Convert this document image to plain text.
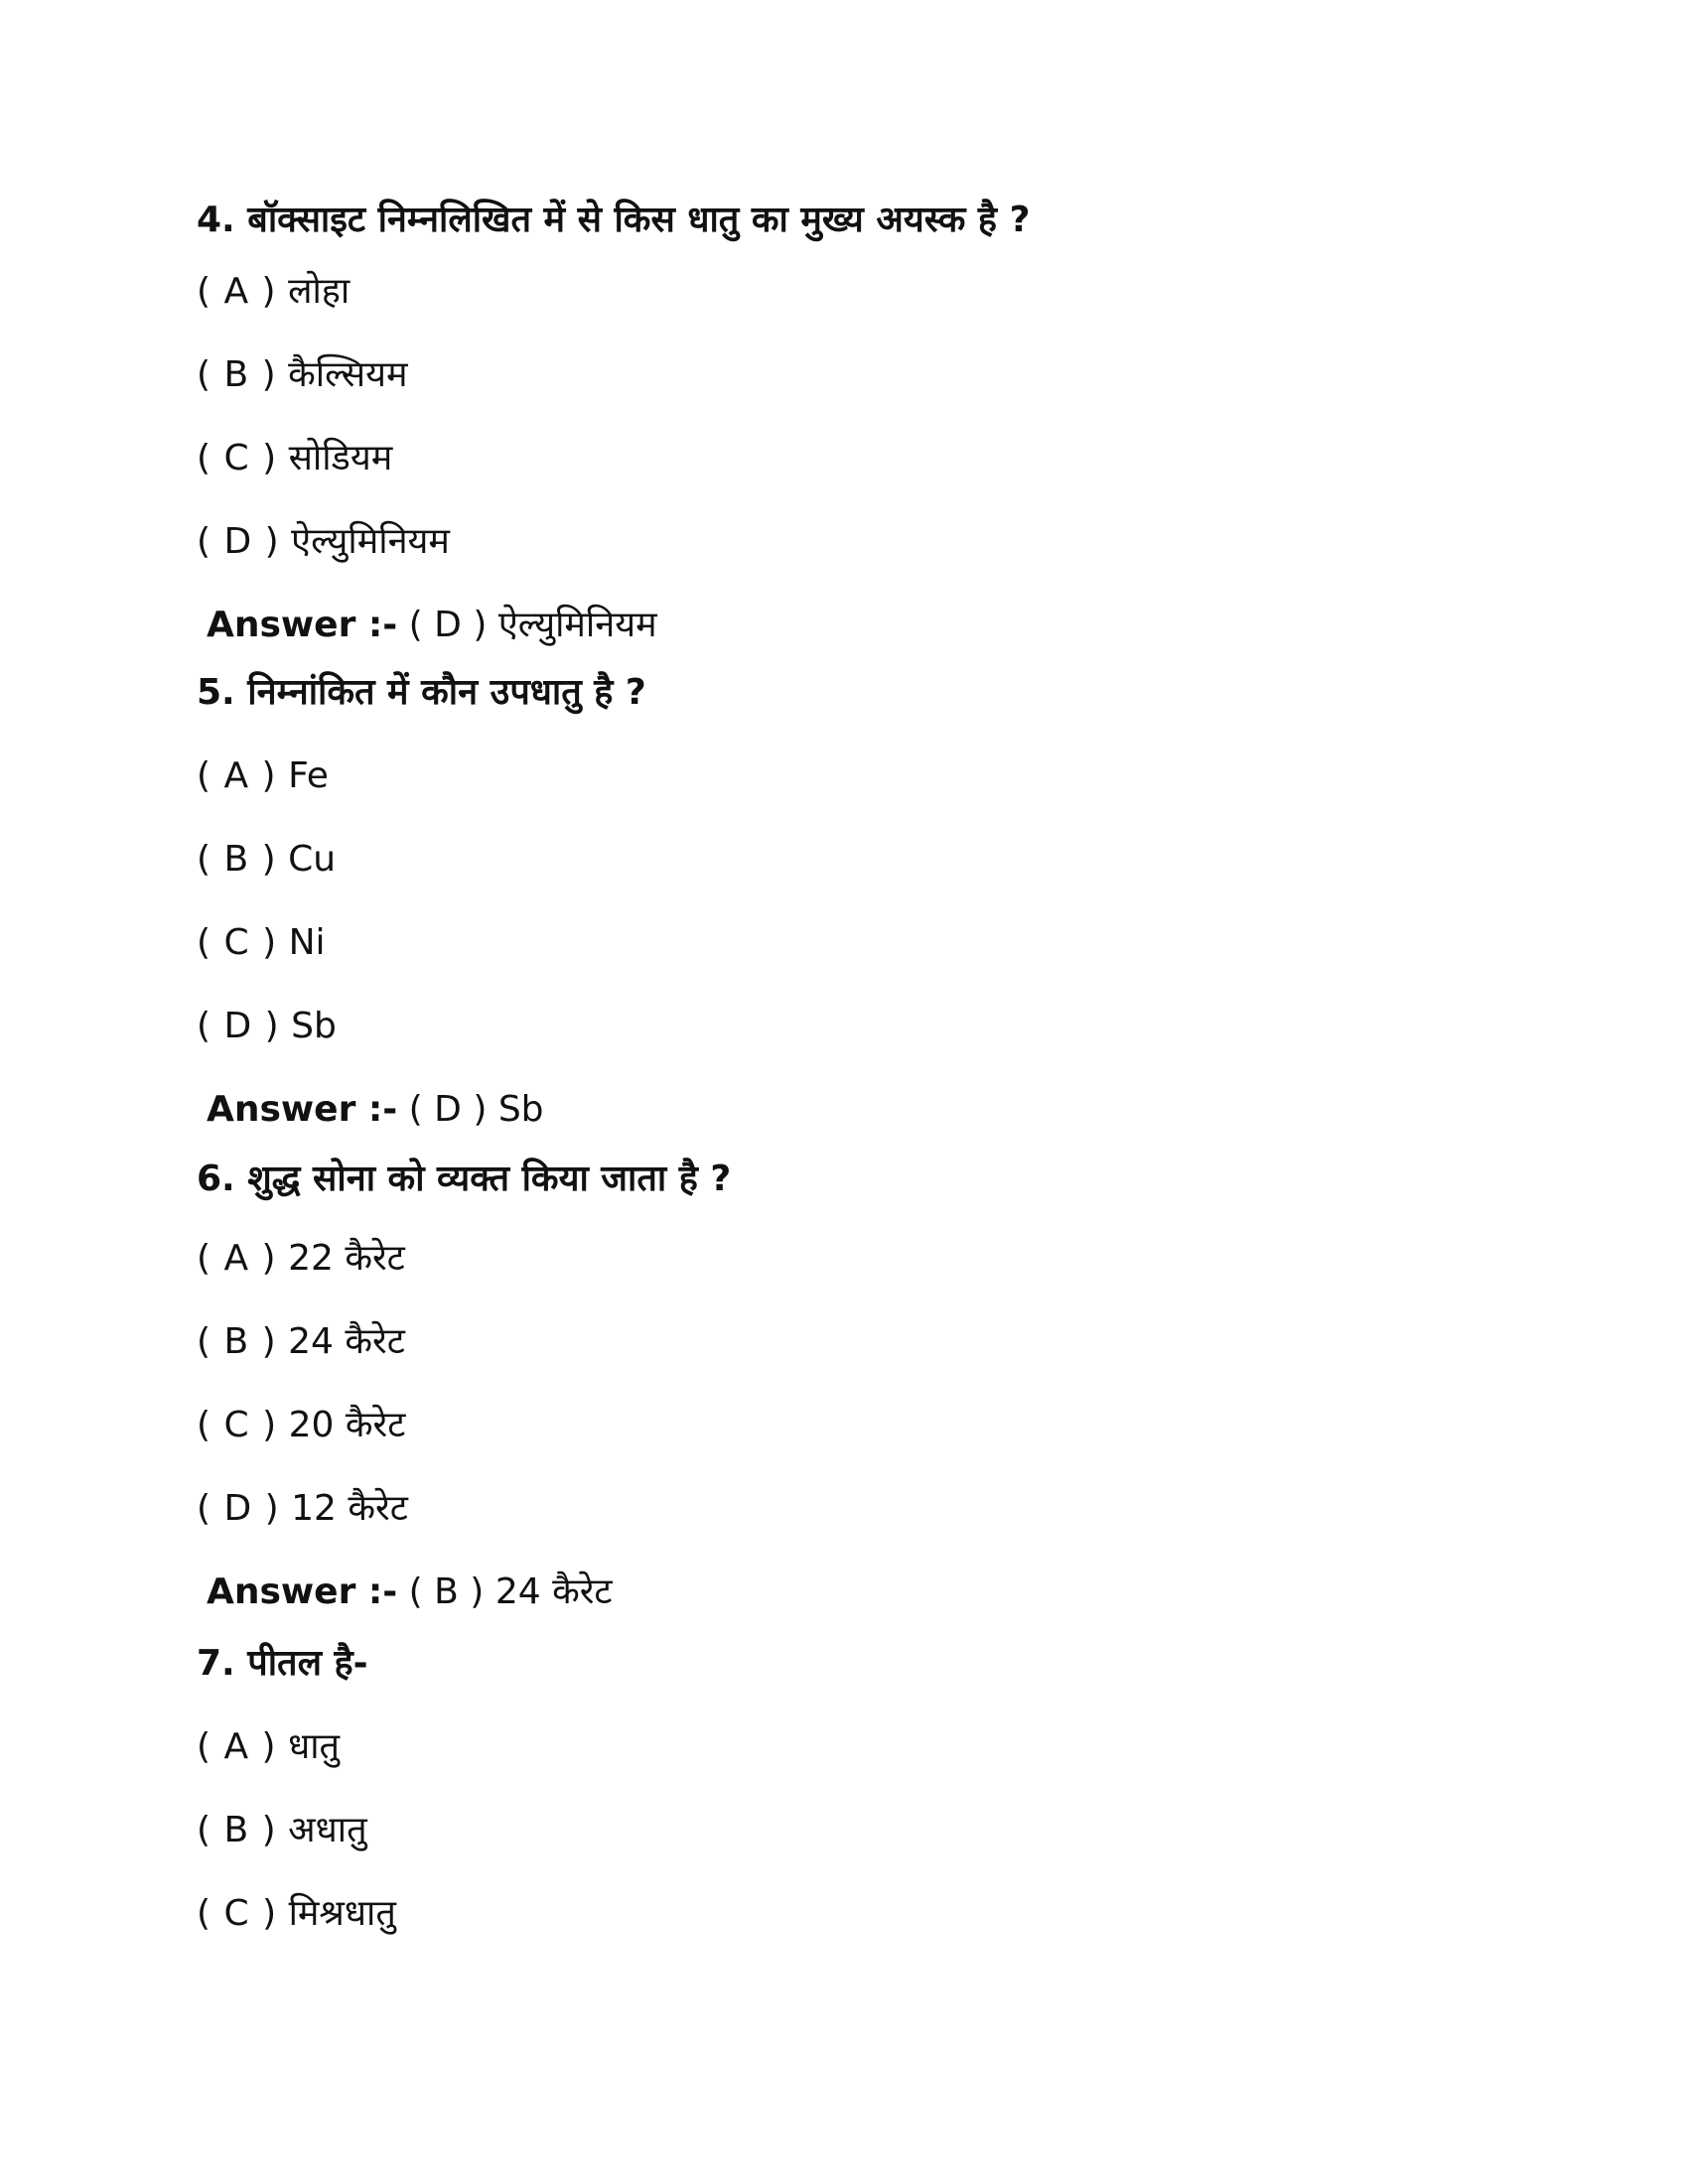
4. बॉक्साइट निम्नलिखित में से किस धातु का मुख्य अयस्क है ?
( A ) लोहा
( B ) कैल्सियम
( C ) सोडियम
( D ) ऐल्युमिनियम
Answer :- ( D ) ऐल्युमिनियम
5. निम्नांकित में कौन उपधातु है ?
( A ) Fe
( B ) Cu
( C ) Ni
( D ) Sb
Answer :- ( D ) Sb
6. शुद्ध सोना को व्यक्त किया जाता है ?
( A ) 22 कैरेट
( B ) 24 कैरेट
( C ) 20 कैरेट
( D ) 12 कैरेट
Answer :- ( B ) 24 कैरेट
7. पीतल है-
( A ) धातु
( B ) अधातु
( C ) मिश्रधातु
